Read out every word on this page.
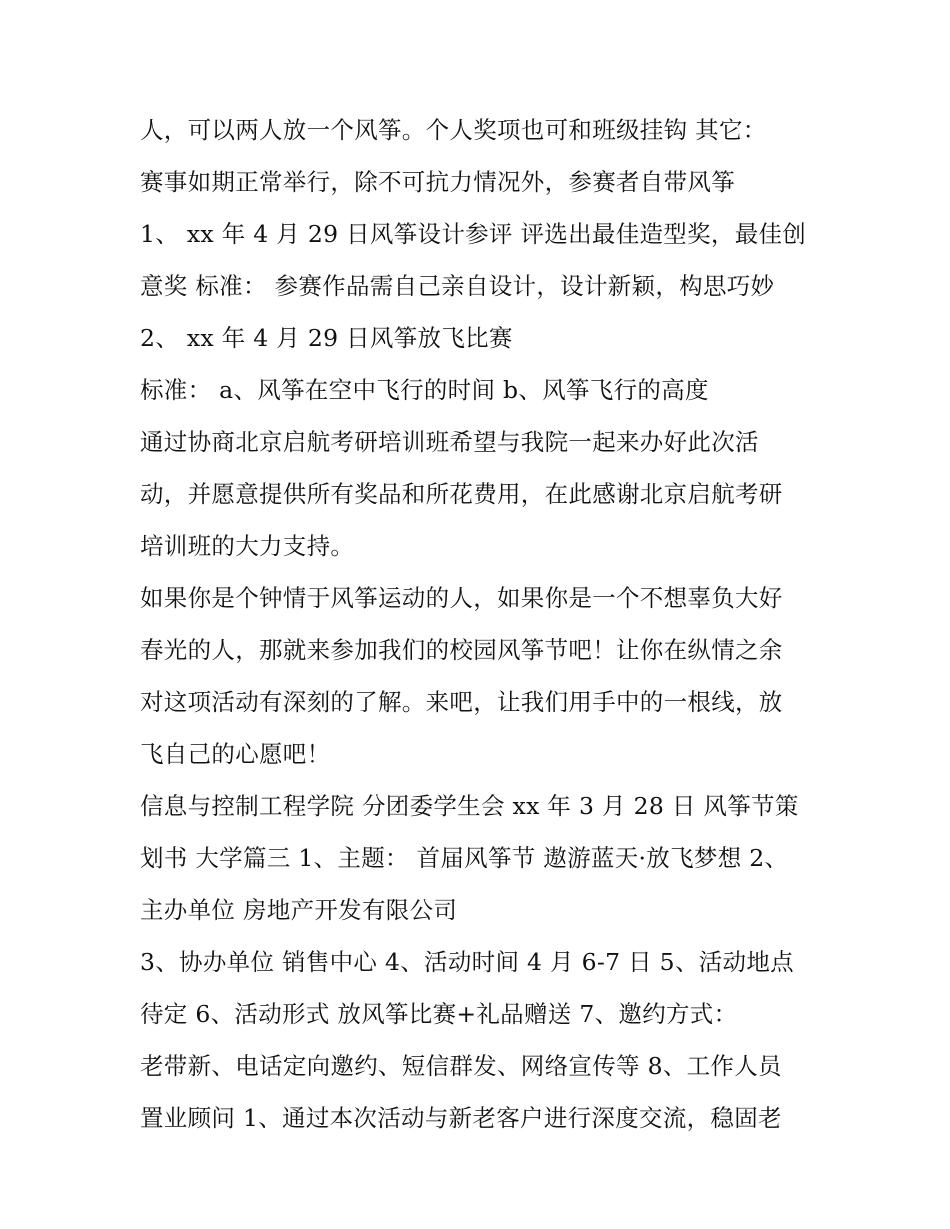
人，可以两人放一个风筝。个人奖项也可和班级挂钩 其它：
赛事如期正常举行，除不可抗力情况外，参赛者自带风筝
1、 xx 年 4 月 29 日风筝设计参评 评选出最佳造型奖，最佳创
意奖 标准： 参赛作品需自己亲自设计，设计新颖，构思巧妙
2、 xx 年 4 月 29 日风筝放飞比赛
标准： a、风筝在空中飞行的时间 b、风筝飞行的高度
通过协商北京启航考研培训班希望与我院一起来办好此次活
动，并愿意提供所有奖品和所花费用，在此感谢北京启航考研
培训班的大力支持。
如果你是个钟情于风筝运动的人，如果你是一个不想辜负大好
春光的人，那就来参加我们的校园风筝节吧！让你在纵情之余
对这项活动有深刻的了解。来吧，让我们用手中的一根线，放
飞自己的心愿吧！
信息与控制工程学院 分团委学生会 xx 年 3 月 28 日 风筝节策
划书 大学篇三 1、主题： 首届风筝节 遨游蓝天·放飞梦想 2、
主办单位 房地产开发有限公司
3、协办单位 销售中心 4、活动时间 4 月 6-7 日 5、活动地点
待定 6、活动形式 放风筝比赛+礼品赠送 7、邀约方式：
老带新、电话定向邀约、短信群发、网络宣传等 8、工作人员
置业顾问 1、通过本次活动与新老客户进行深度交流，稳固老
